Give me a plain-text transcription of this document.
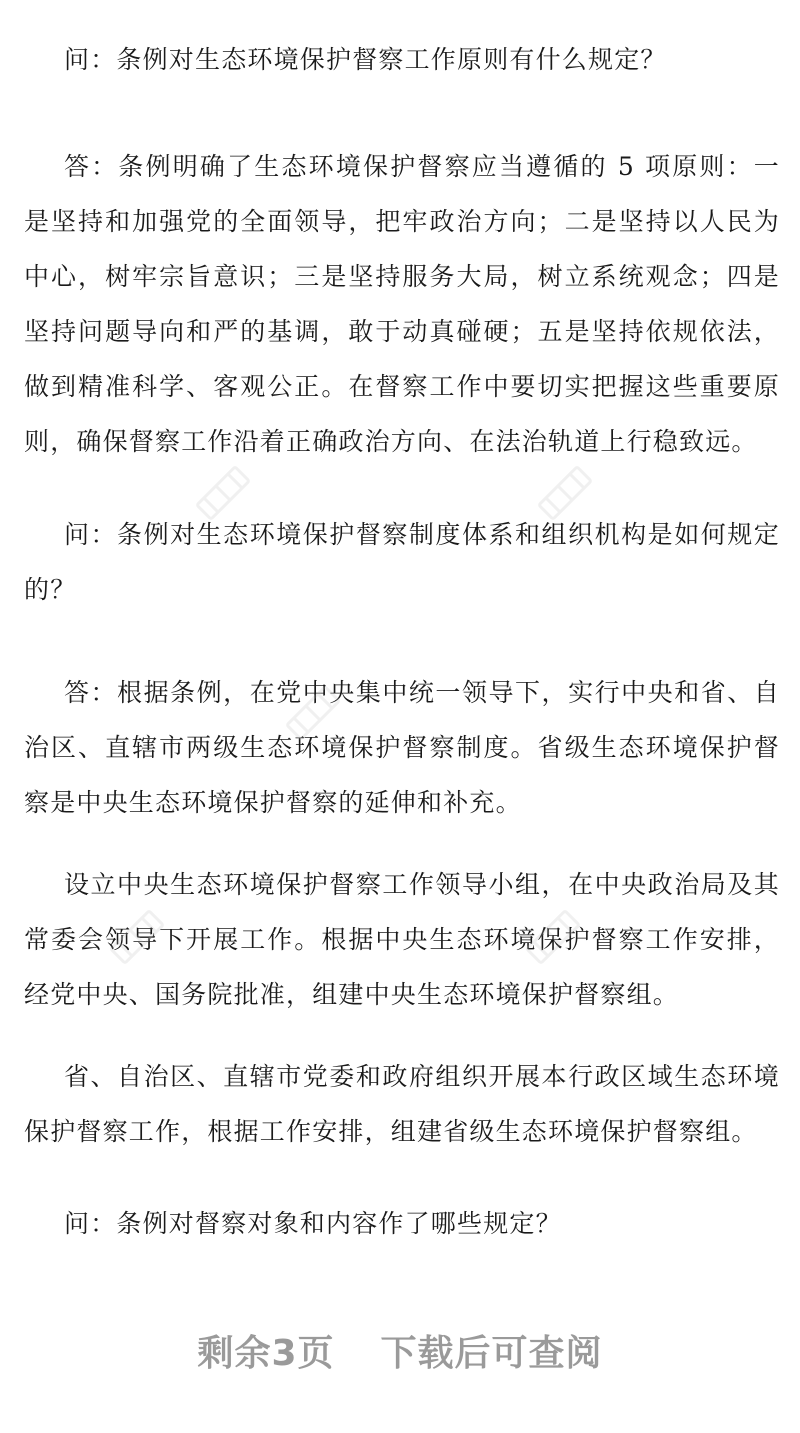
问：条例对生态环境保护督察工作原则有什么规定？

答：条例明确了生态环境保护督察应当遵循的 5 项原则：一是坚持和加强党的全面领导，把牢政治方向；二是坚持以人民为中心，树牢宗旨意识；三是坚持服务大局，树立系统观念；四是坚持问题导向和严的基调，敢于动真碰硬；五是坚持依规依法，做到精准科学、客观公正。在督察工作中要切实把握这些重要原则，确保督察工作沿着正确政治方向、在法治轨道上行稳致远。

问：条例对生态环境保护督察制度体系和组织机构是如何规定的？

答：根据条例，在党中央集中统一领导下，实行中央和省、自治区、直辖市两级生态环境保护督察制度。省级生态环境保护督察是中央生态环境保护督察的延伸和补充。

设立中央生态环境保护督察工作领导小组，在中央政治局及其常委会领导下开展工作。根据中央生态环境保护督察工作安排，经党中央、国务院批准，组建中央生态环境保护督察组。

省、自治区、直辖市党委和政府组织开展本行政区域生态环境保护督察工作，根据工作安排，组建省级生态环境保护督察组。

问：条例对督察对象和内容作了哪些规定？

剩余3页 下载后可查阅
